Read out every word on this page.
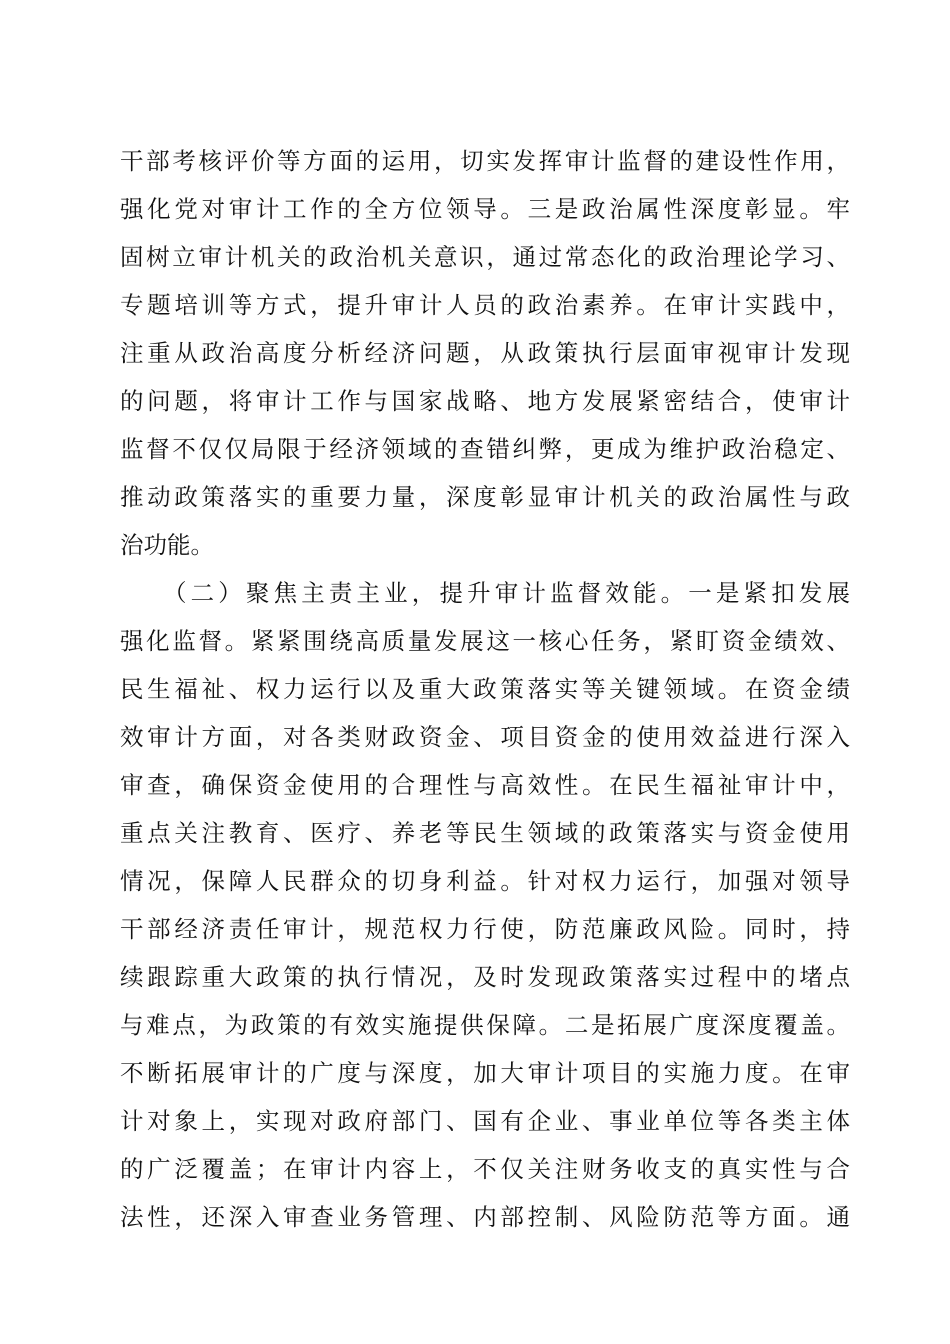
干部考核评价等方面的运用，切实发挥审计监督的建设性作用，
强化党对审计工作的全方位领导。三是政治属性深度彰显。牢
固树立审计机关的政治机关意识，通过常态化的政治理论学习、
专题培训等方式，提升审计人员的政治素养。在审计实践中，
注重从政治高度分析经济问题，从政策执行层面审视审计发现
的问题，将审计工作与国家战略、地方发展紧密结合，使审计
监督不仅仅局限于经济领域的查错纠弊，更成为维护政治稳定、
推动政策落实的重要力量，深度彰显审计机关的政治属性与政
治功能。
（二）聚焦主责主业，提升审计监督效能。一是紧扣发展
强化监督。紧紧围绕高质量发展这一核心任务，紧盯资金绩效、
民生福祉、权力运行以及重大政策落实等关键领域。在资金绩
效审计方面，对各类财政资金、项目资金的使用效益进行深入
审查，确保资金使用的合理性与高效性。在民生福祉审计中，
重点关注教育、医疗、养老等民生领域的政策落实与资金使用
情况，保障人民群众的切身利益。针对权力运行，加强对领导
干部经济责任审计，规范权力行使，防范廉政风险。同时，持
续跟踪重大政策的执行情况，及时发现政策落实过程中的堵点
与难点，为政策的有效实施提供保障。二是拓展广度深度覆盖。
不断拓展审计的广度与深度，加大审计项目的实施力度。在审
计对象上，实现对政府部门、国有企业、事业单位等各类主体
的广泛覆盖；在审计内容上，不仅关注财务收支的真实性与合
法性，还深入审查业务管理、内部控制、风险防范等方面。通
